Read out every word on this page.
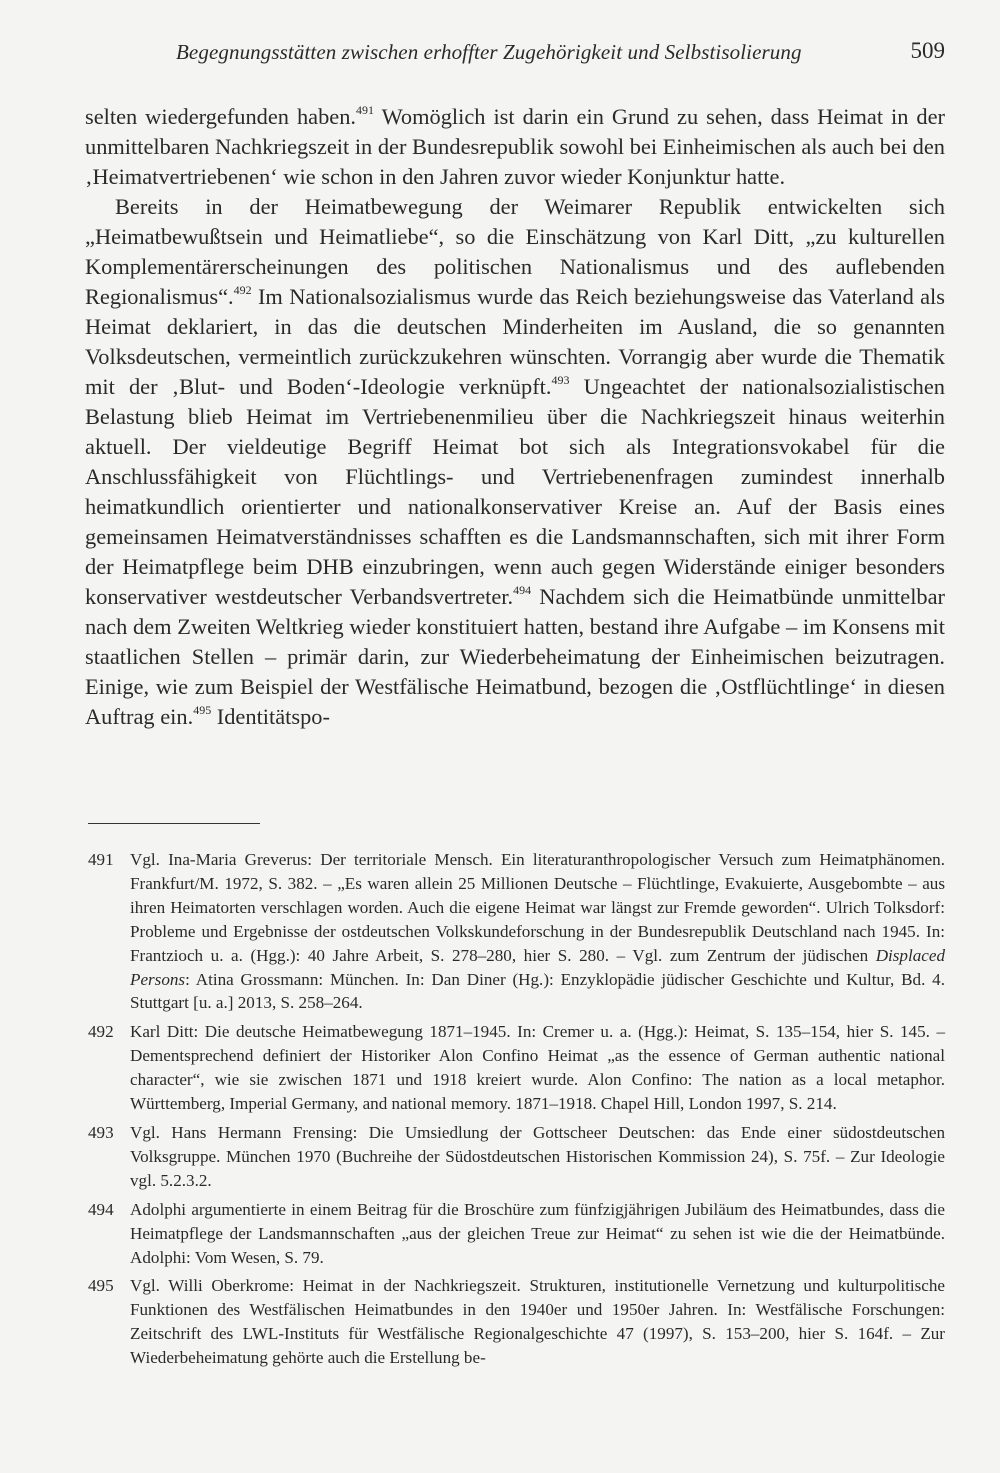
Begegnungsstätten zwischen erhoffter Zugehörigkeit und Selbstisolierung	509

selten wiedergefunden haben.$^{491}$ Womöglich ist darin ein Grund zu sehen, dass Heimat in der unmittelbaren Nachkriegszeit in der Bundesrepublik sowohl bei Einheimischen als auch bei den ‚Heimatvertriebenen‘ wie schon in den Jahren zuvor wieder Konjunktur hatte.

Bereits in der Heimatbewegung der Weimarer Republik entwickelten sich „Heimatbewußtsein und Heimatliebe“, so die Einschätzung von Karl Ditt, „zu kulturellen Komplementärerscheinungen des politischen Nationalismus und des auflebenden Regionalismus“.$^{492}$ Im Nationalsozialismus wurde das Reich beziehungsweise das Vaterland als Heimat deklariert, in das die deutschen Minderheiten im Ausland, die so genannten Volksdeutschen, vermeintlich zurückzukehren wünschten. Vorrangig aber wurde die Thematik mit der ‚Blut- und Boden‘-Ideologie verknüpft.$^{493}$ Ungeachtet der nationalsozialistischen Belastung blieb Heimat im Vertriebenenmilieu über die Nachkriegszeit hinaus weiterhin aktuell. Der vieldeutige Begriff Heimat bot sich als Integrationsvokabel für die Anschlussfähigkeit von Flüchtlings- und Vertriebenenfragen zumindest innerhalb heimatkundlich orientierter und nationalkonservativer Kreise an. Auf der Basis eines gemeinsamen Heimatverständnisses schafften es die Landsmannschaften, sich mit ihrer Form der Heimatpflege beim DHB einzubringen, wenn auch gegen Widerstände einiger besonders konservativer westdeutscher Verbandsvertreter.$^{494}$ Nachdem sich die Heimatbünde unmittelbar nach dem Zweiten Weltkrieg wieder konstituiert hatten, bestand ihre Aufgabe – im Konsens mit staatlichen Stellen – primär darin, zur Wiederbeheimatung der Einheimischen beizutragen. Einige, wie zum Beispiel der Westfälische Heimatbund, bezogen die ‚Ostflüchtlinge‘ in diesen Auftrag ein.$^{495}$ Identitätspo-

491 Vgl. Ina-Maria Greverus: Der territoriale Mensch. Ein literaturanthropologischer Versuch zum Heimatphänomen. Frankfurt/M. 1972, S. 382. – „Es waren allein 25 Millionen Deutsche – Flüchtlinge, Evakuierte, Ausgebombte – aus ihren Heimatorten verschlagen worden. Auch die eigene Heimat war längst zur Fremde geworden“. Ulrich Tolksdorf: Probleme und Ergebnisse der ostdeutschen Volkskundeforschung in der Bundesrepublik Deutschland nach 1945. In: Frantzioch u. a. (Hgg.): 40 Jahre Arbeit, S. 278–280, hier S. 280. – Vgl. zum Zentrum der jüdischen Displaced Persons: Atina Grossmann: München. In: Dan Diner (Hg.): Enzyklopädie jüdischer Geschichte und Kultur, Bd. 4. Stuttgart [u. a.] 2013, S. 258–264.
492 Karl Ditt: Die deutsche Heimatbewegung 1871–1945. In: Cremer u. a. (Hgg.): Heimat, S. 135–154, hier S. 145. – Dementsprechend definiert der Historiker Alon Confino Heimat „as the essence of German authentic national character“, wie sie zwischen 1871 und 1918 kreiert wurde. Alon Confino: The nation as a local metaphor. Württemberg, Imperial Germany, and national memory. 1871–1918. Chapel Hill, London 1997, S. 214.
493 Vgl. Hans Hermann Frensing: Die Umsiedlung der Gottscheer Deutschen: das Ende einer südostdeutschen Volksgruppe. München 1970 (Buchreihe der Südostdeutschen Historischen Kommission 24), S. 75f. – Zur Ideologie vgl. 5.2.3.2.
494 Adolphi argumentierte in einem Beitrag für die Broschüre zum fünfzigjährigen Jubiläum des Heimatbundes, dass die Heimatpflege der Landsmannschaften „aus der gleichen Treue zur Heimat“ zu sehen ist wie die der Heimatbünde. Adolphi: Vom Wesen, S. 79.
495 Vgl. Willi Oberkrome: Heimat in der Nachkriegszeit. Strukturen, institutionelle Vernetzung und kulturpolitische Funktionen des Westfälischen Heimatbundes in den 1940er und 1950er Jahren. In: Westfälische Forschungen: Zeitschrift des LWL-Instituts für Westfälische Regionalgeschichte 47 (1997), S. 153–200, hier S. 164f. – Zur Wiederbeheimatung gehörte auch die Erstellung be-
